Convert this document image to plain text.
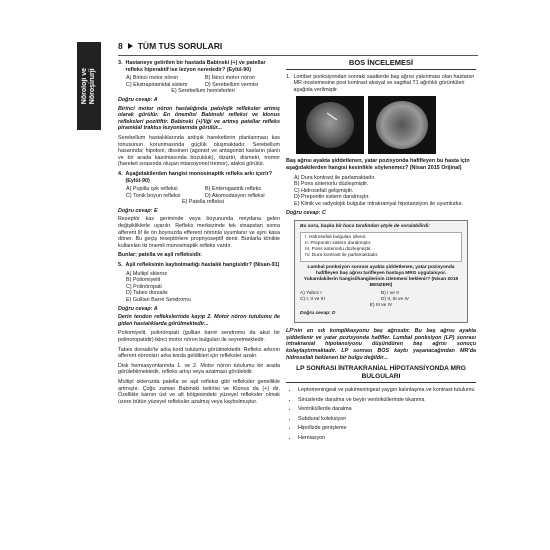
Nöroloji ve
Nöroşirurji
8 TÜM TUS SORULARI
3. Hastaneye getirilen bir hastada Babinski (+) ve patellar refleks hiperaktif ise lezyon nerededir? (Eylül-90)
A) Birinci motor nöron	B) İkinci motor nöron
C) Ekstrapiramidal sistem	D) Serebellum vermisi
E) Serebellum hemisferleri
Doğru cevap: A

Birinci motor nöron hastalığında patolojik refleksler artmış olarak görülür. En önemlisi Babinski refleksi ve klonus refleksleri pozitiftir. Babinski (+)'liği ve artmış patellar refleks piramidal traktus lezyonlarında görülür...

Serebellum hastalıklarında ardışık hareketlerin planlanması kas tonusunun korunmasında güçlük oluşmaktadır. Serebellum hasarında; hipotoni, dissineri (agonist ve antagonist kasların planlı ve bir arada kasılmasında bozukluk), dizartri, dismetri, tremor (hareket sırasında oluşan intansiyonel tremor), ataksi görülür.

4. Aşağıdakilerden hangisi monosinaptik refleks arkı içerir? (Eylül-90)
A) Pupilla ışık refleksi	B) Enterogastrik refleks
C) Tonik boyun refleksi	D) Akomodasyon refleksi
E) Patella refleksi
Doğru cevap: E

Reseptör kas geriminde veya boyununda meydana gelen değişikliklerle uyarılır. Refleks merkezinde tek sinapstan sonra afferent lif ile ön boynuzda efferent nöronla uyumlanır ve aynı kasa döner. Bu geçiş reseptörlere propriyoseptif denir. Bunlarla klinikte kullanılan iki önemli monosinaptik refleks vardır.

Bunlar; patella ve aşil refleksidir.

5. Aşil refleksinin kaybolmadığı hastalık hangisidir? (Nisan-91)
A) Multipl skleroz
B) Poliomiyelit
C) Polinöropati
D) Tabes dorsalis
E) Gullian Barré Sendromu
Doğru cevap: A

Derin tendon reflekslerinde kayıp 2. Motor nöron tutulumu ile giden hastalıklarda görülmektedir...

Poliomiyelit, polinöropati (gullian barré sendromu da akut bir polinoropatidir) ikinci motor nöron bulguları ile seyretmektedir.

Tabes dorsalis'te arka kord tutulumu görülmektedir. Refleks arkının afferent nöronları arka korda geldikleri için refleksler azalır.

Disk herniasyonlarında 1. ve 2. Motor nöron tutulumu bir arada görülebilmektedir, refleks artışı veya azalması görülebilir.

Multipl sklerozda patella ve aşil refleksi gibi refleksler genellikle artmıştır. Çoğu zaman Babinski belirtisi ve Klonus da (+) dir. Özellikle karnın üst ve alt bölgesindeki yüzeyel refleksler olmak üzere bütün yüzeyel refleksler azalmış veya kaybolmuştur.

BOS İNCELEMESİ
1. Lomber ponksiyondan sonraki saatlerde baş ağrısı yakınması olan hastanın MR incelemesine post kontrast aksiyal ve sagittal T1 ağırlıklı görüntüleri aşağıda verilmiştir.

Baş ağrısı ayakta şiddetlenen, yatar pozisyonda hafifleyen bu hasta için aşağıdakilerden hangisi kesinlikle söylenemez? (Nisan 2015 Orijinal)

A) Dura kontrast ile parlamaktadır.
B) Pons anteriorlu düzleşmiştir.
C) Hidrosefali gelişmiştir.
D) Prepontin sistern daralmıştır.
E) Klinik ve radyolojik bulgular intrakraniyal hipotansiyon ile uyumludur.
Doğru cevap: C
Bu soru, başka bir hoca tarafından şöyle de sorulabilirdi:
I. Hidrosefali bulguları izlenir.
II. Prepontin sistern daralmıştır.
III. Pons anteriorlu düzleşmiştir.
IV. Dura kontrast ile parlamaktadır.
Lumbal ponksiyon sonrası ayakta şiddetlenen, yatar pozisyonda hafifleyen baş ağrısı tarifleyen hastaya MRG uygulanıyor. Yukarıdakilerin hangisi/hangilerinin izlenmesi beklenir? (Nisan 2015 BENZERİ)
A) Yalnız I	B) I ve II
C) I, II ve III	D) II, III ve IV
E) III ve IV
Doğru cevap: D

LP'nin en sık komplikasyonu baş ağrısıdır. Bu baş ağrısı ayakta şiddetlenir ve yatar pozisyonda hafifler. Lumbal ponksiyon (LP) sonrası intrakranial hipotansiyonu düşündüren baş ağrısı sonuçu kolaylaştırmaktadır. LP sonrası BOS kaybı yaşanacağından MR'da hidrosefali beklenen bir bulgu değildir...

LP SONRASI İNTRAKRANİAL HİPOTANSİYONDA MRG BULGULARI
• Leptomeningeal ve pakimeningeal yaygın kalınlaşma ve kontrast tutulumu
• Sinüslerde daralma ve beyin ventriküllerinde tıkanma
• Ventriküllerde daralma
• Subdural koleksiyon
• Hipofizde genişleme
• Herniasyon
